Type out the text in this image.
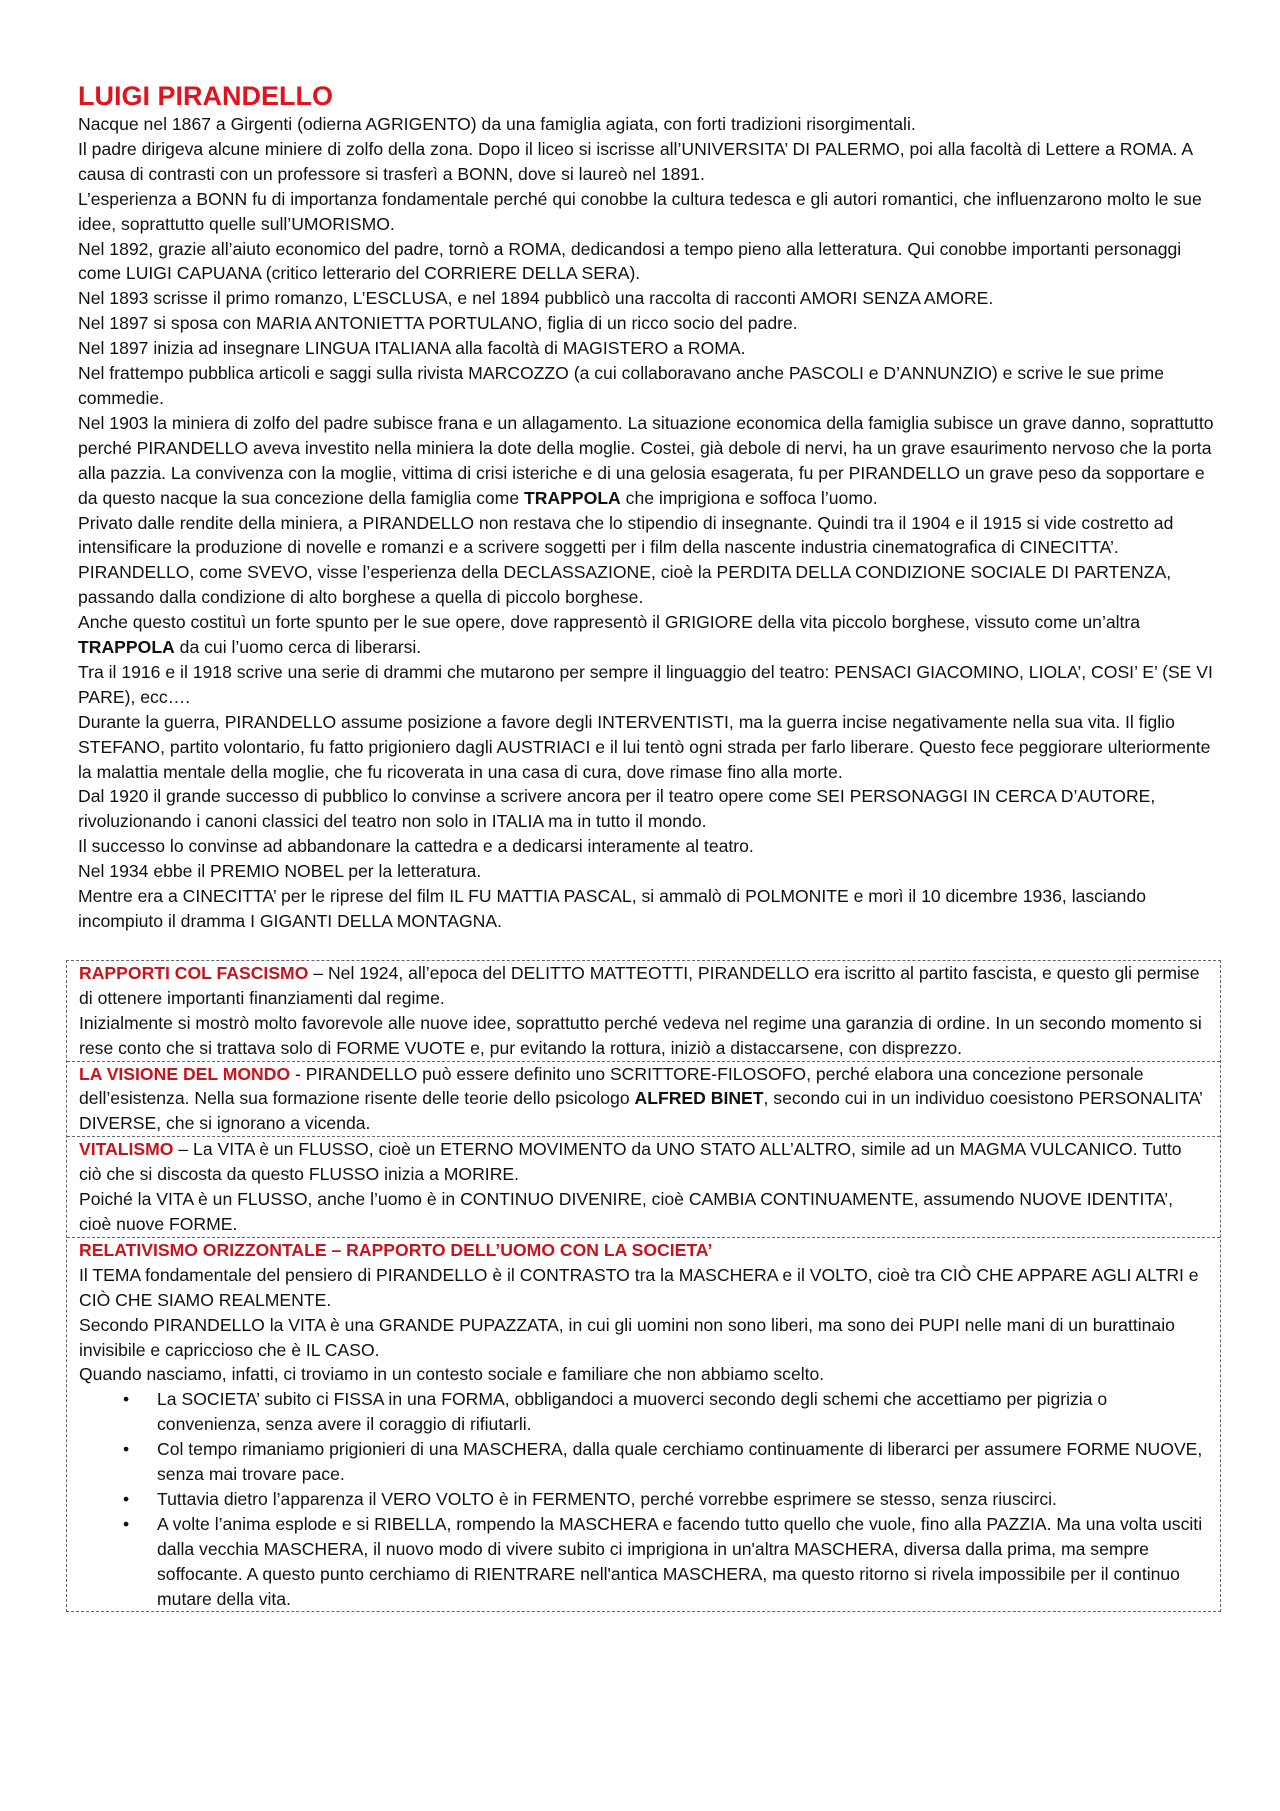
LUIGI PIRANDELLO

Nacque nel 1867 a Girgenti (odierna AGRIGENTO) da una famiglia agiata, con forti tradizioni risorgimentali.

Il padre dirigeva alcune miniere di zolfo della zona. Dopo il liceo si iscrisse all’UNIVERSITA’ DI PALERMO, poi alla facoltà di Lettere a ROMA. A causa di contrasti con un professore si trasferì a BONN, dove si laureò nel 1891.

L’esperienza a BONN fu di importanza fondamentale perché qui conobbe la cultura tedesca e gli autori romantici, che influenzarono molto le sue idee, soprattutto quelle sull’UMORISMO.

Nel 1892, grazie all’aiuto economico del padre, tornò a ROMA, dedicandosi a tempo pieno alla letteratura. Qui conobbe importanti personaggi come LUIGI CAPUANA (critico letterario del CORRIERE DELLA SERA).

Nel 1893 scrisse il primo romanzo, L’ESCLUSA, e nel 1894 pubblicò una raccolta di racconti AMORI SENZA AMORE.

Nel 1897 si sposa con MARIA ANTONIETTA PORTULANO, figlia di un ricco socio del padre.

Nel 1897 inizia ad insegnare LINGUA ITALIANA alla facoltà di MAGISTERO a ROMA.

Nel frattempo pubblica articoli e saggi sulla rivista MARCOZZO (a cui collaboravano anche PASCOLI e D’ANNUNZIO) e scrive le sue prime commedie.

Nel 1903 la miniera di zolfo del padre subisce frana e un allagamento. La situazione economica della famiglia subisce un grave danno, soprattutto perché PIRANDELLO aveva investito nella miniera la dote della moglie. Costei, già debole di nervi, ha un grave esaurimento nervoso che la porta alla pazzia. La convivenza con la moglie, vittima di crisi isteriche e di una gelosia esagerata, fu per PIRANDELLO un grave peso da sopportare e da questo nacque la sua concezione della famiglia come TRAPPOLA che imprigiona e soffoca l’uomo.

Privato dalle rendite della miniera, a PIRANDELLO non restava che lo stipendio di insegnante. Quindi tra il 1904 e il 1915 si vide costretto ad intensificare la produzione di novelle e romanzi e a scrivere soggetti per i film della nascente industria cinematografica di CINECITTA’.

PIRANDELLO, come SVEVO, visse l’esperienza della DECLASSAZIONE, cioè la PERDITA DELLA CONDIZIONE SOCIALE DI PARTENZA, passando dalla condizione di alto borghese a quella di piccolo borghese.

Anche questo costituì un forte spunto per le sue opere, dove rappresentò il GRIGIORE della vita piccolo borghese, vissuto come un’altra TRAPPOLA da cui l’uomo cerca di liberarsi.

Tra il 1916 e il 1918 scrive una serie di drammi che mutarono per sempre il linguaggio del teatro: PENSACI GIACOMINO, LIOLA’, COSI’ E’ (SE VI PARE), ecc….

Durante la guerra, PIRANDELLO assume posizione a favore degli INTERVENTISTI, ma la guerra incise negativamente nella sua vita. Il figlio STEFANO, partito volontario, fu fatto prigioniero dagli AUSTRIACI e il lui tentò ogni strada per farlo liberare. Questo fece peggiorare ulteriormente la malattia mentale della moglie, che fu ricoverata in una casa di cura, dove rimase fino alla morte.

Dal 1920 il grande successo di pubblico lo convinse a scrivere ancora per il teatro opere come SEI PERSONAGGI IN CERCA D’AUTORE, rivoluzionando i canoni classici del teatro non solo in ITALIA ma in tutto il mondo.

Il successo lo convinse ad abbandonare la cattedra e a dedicarsi interamente al teatro.

Nel 1934 ebbe il PREMIO NOBEL per la letteratura.

Mentre era a CINECITTA’ per le riprese del film IL FU MATTIA PASCAL, si ammalò di POLMONITE e morì il 10 dicembre 1936, lasciando incompiuto il dramma I GIGANTI DELLA MONTAGNA.

RAPPORTI COL FASCISMO – Nel 1924, all’epoca del DELITTO MATTEOTTI, PIRANDELLO era iscritto al partito fascista, e questo gli permise di ottenere importanti finanziamenti dal regime.

Inizialmente si mostrò molto favorevole alle nuove idee, soprattutto perché vedeva nel regime una garanzia di ordine. In un secondo momento si rese conto che si trattava solo di FORME VUOTE e, pur evitando la rottura, iniziò a distaccarsene, con disprezzo.

LA VISIONE DEL MONDO - PIRANDELLO può essere definito uno SCRITTORE-FILOSOFO, perché elabora una concezione personale dell’esistenza. Nella sua formazione risente delle teorie dello psicologo ALFRED BINET, secondo cui in un individuo coesistono PERSONALITA’ DIVERSE, che si ignorano a vicenda.

VITALISMO – La VITA è un FLUSSO, cioè un ETERNO MOVIMENTO da UNO STATO ALL’ALTRO, simile ad un MAGMA VULCANICO. Tutto ciò che si discosta da questo FLUSSO inizia a MORIRE.

Poiché la VITA è un FLUSSO, anche l’uomo è in CONTINUO DIVENIRE, cioè CAMBIA CONTINUAMENTE, assumendo NUOVE IDENTITA’, cioè nuove FORME.

RELATIVISMO ORIZZONTALE – RAPPORTO DELL’UOMO CON LA SOCIETA’

Il TEMA fondamentale del pensiero di PIRANDELLO è il CONTRASTO tra la MASCHERA e il VOLTO, cioè tra CIÒ CHE APPARE AGLI ALTRI e CIÒ CHE SIAMO REALMENTE.

Secondo PIRANDELLO la VITA è una GRANDE PUPAZZATA, in cui gli uomini non sono liberi, ma sono dei PUPI nelle mani di un burattinaio invisibile e capriccioso che è IL CASO.

Quando nasciamo, infatti, ci troviamo in un contesto sociale e familiare che non abbiamo scelto.

• La SOCIETA’ subito ci FISSA in una FORMA, obbligandoci a muoverci secondo degli schemi che accettiamo per pigrizia o convenienza, senza avere il coraggio di rifiutarli.
• Col tempo rimaniamo prigionieri di una MASCHERA, dalla quale cerchiamo continuamente di liberarci per assumere FORME NUOVE, senza mai trovare pace.
• Tuttavia dietro l’apparenza il VERO VOLTO è in FERMENTO, perché vorrebbe esprimere se stesso, senza riuscirci.
• A volte l’anima esplode e si RIBELLA, rompendo la MASCHERA e facendo tutto quello che vuole, fino alla PAZZIA. Ma una volta usciti dalla vecchia MASCHERA, il nuovo modo di vivere subito ci imprigiona in un'altra MASCHERA, diversa dalla prima, ma sempre soffocante. A questo punto cerchiamo di RIENTRARE nell'antica MASCHERA, ma questo ritorno si rivela impossibile per il continuo mutare della vita.
